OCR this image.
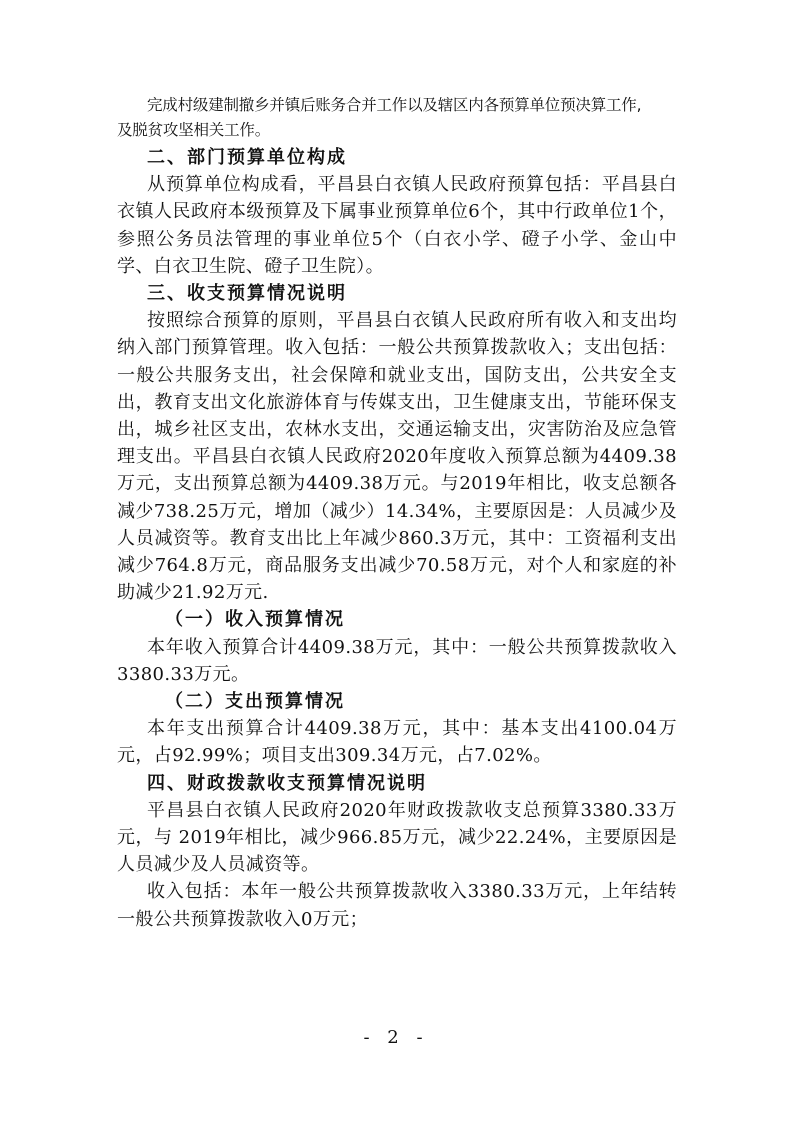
完成村级建制撤乡并镇后账务合并工作以及辖区内各预算单位预决算工作,

及脱贫攻坚相关工作。

二、部门预算单位构成

从预算单位构成看，平昌县白衣镇人民政府预算包括：平昌县白衣镇人民政府本级预算及下属事业预算单位6个，其中行政单位1个，参照公务员法管理的事业单位5个（白衣小学、磴子小学、金山中学、白衣卫生院、磴子卫生院）。

三、收支预算情况说明

按照综合预算的原则，平昌县白衣镇人民政府所有收入和支出均纳入部门预算管理。收入包括：一般公共预算拨款收入；支出包括：一般公共服务支出，社会保障和就业支出，国防支出，公共安全支出，教育支出文化旅游体育与传媒支出，卫生健康支出，节能环保支出，城乡社区支出，农林水支出，交通运输支出，灾害防治及应急管理支出。平昌县白衣镇人民政府2020年度收入预算总额为4409.38万元，支出预算总额为4409.38万元。与2019年相比，收支总额各减少738.25万元，增加（减少）14.34%，主要原因是：人员减少及人员减资等。教育支出比上年减少860.3万元，其中：工资福利支出减少764.8万元，商品服务支出减少70.58万元，对个人和家庭的补助减少21.92万元.

（一）收入预算情况

本年收入预算合计4409.38万元，其中：一般公共预算拨款收入3380.33万元。

（二）支出预算情况

本年支出预算合计4409.38万元，其中：基本支出4100.04万元，占92.99%；项目支出309.34万元，占7.02%。

四、财政拨款收支预算情况说明

平昌县白衣镇人民政府2020年财政拨款收支总预算3380.33万元，与 2019年相比，减少966.85万元，减少22.24%，主要原因是人员减少及人员减资等。

收入包括：本年一般公共预算拨款收入3380.33万元，上年结转一般公共预算拨款收入0万元；

- 2 -
